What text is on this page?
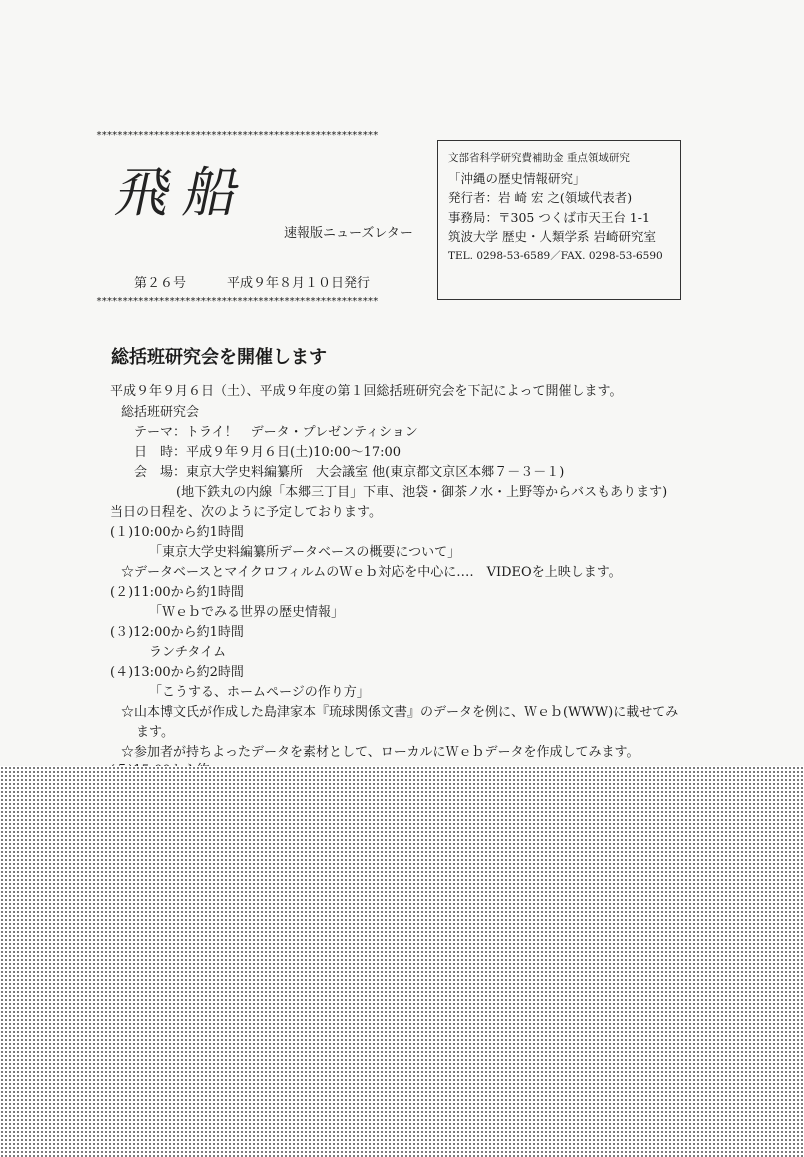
******************************************************
飛船
速報版ニューズレター
第２６号	平成９年８月１０日発行
******************************************************
文部省科学研究費補助金 重点領域研究
「沖縄の歴史情報研究」
発行者：岩 崎 宏 之(領域代表者)
事務局：〒305 つくば市天王台 1-1
筑波大学 歴史・人類学系 岩崎研究室
TEL. 0298-53-6589／FAX. 0298-53-6590
総括班研究会を開催します
平成９年９月６日（土）、平成９年度の第１回総括班研究会を下記によって開催します。
総括班研究会
テーマ：トライ！　データ・プレゼンティション
日　時：平成９年９月６日(土)10:00～17:00
会　場：東京大学史料編纂所　大会議室 他(東京都文京区本郷７－３－１)
(地下鉄丸の内線「本郷三丁目」下車、池袋・御茶ノ水・上野等からバスもあります)
当日の日程を、次のように予定しております。
(１)10:00から約1時間
「東京大学史料編纂所データベースの概要について」
☆データベースとマイクロフィルムのＷｅｂ対応を中心に‥‥　VIDEOを上映します。
(２)11:00から約1時間
「Ｗｅｂでみる世界の歴史情報」
(３)12:00から約1時間
ランチタイム
(４)13:00から約2時間
「こうする、ホームページの作り方」
☆山本博文氏が作成した島津家本『琉球関係文書』のデータを例に、Ｗｅｂ(WWW)に載せてみ
ます。
☆参加者が持ちよったデータを素材として、ローカルにＷｅｂデータを作成してみます。
